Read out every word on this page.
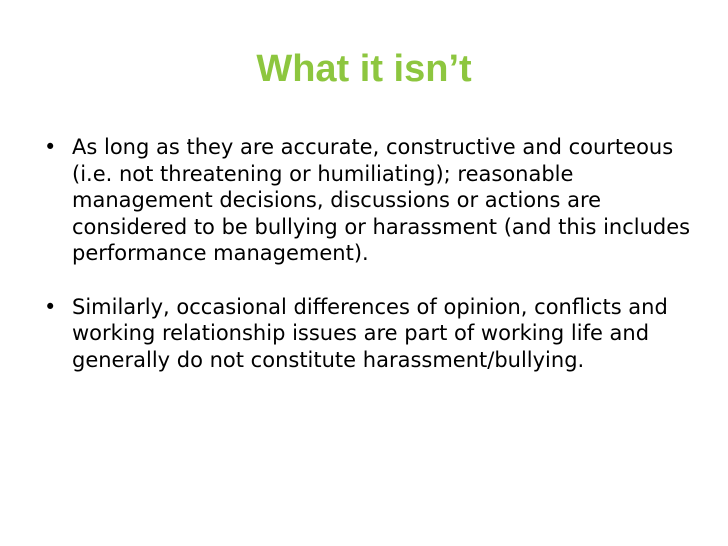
What it isn’t
• As long as they are accurate, constructive and courteous (i.e. not threatening or humiliating); reasonable management decisions, discussions or actions are considered to be bullying or harassment (and this includes performance management).
• Similarly, occasional differences of opinion, conflicts and working relationship issues are part of working life and generally do not constitute harassment/bullying.
